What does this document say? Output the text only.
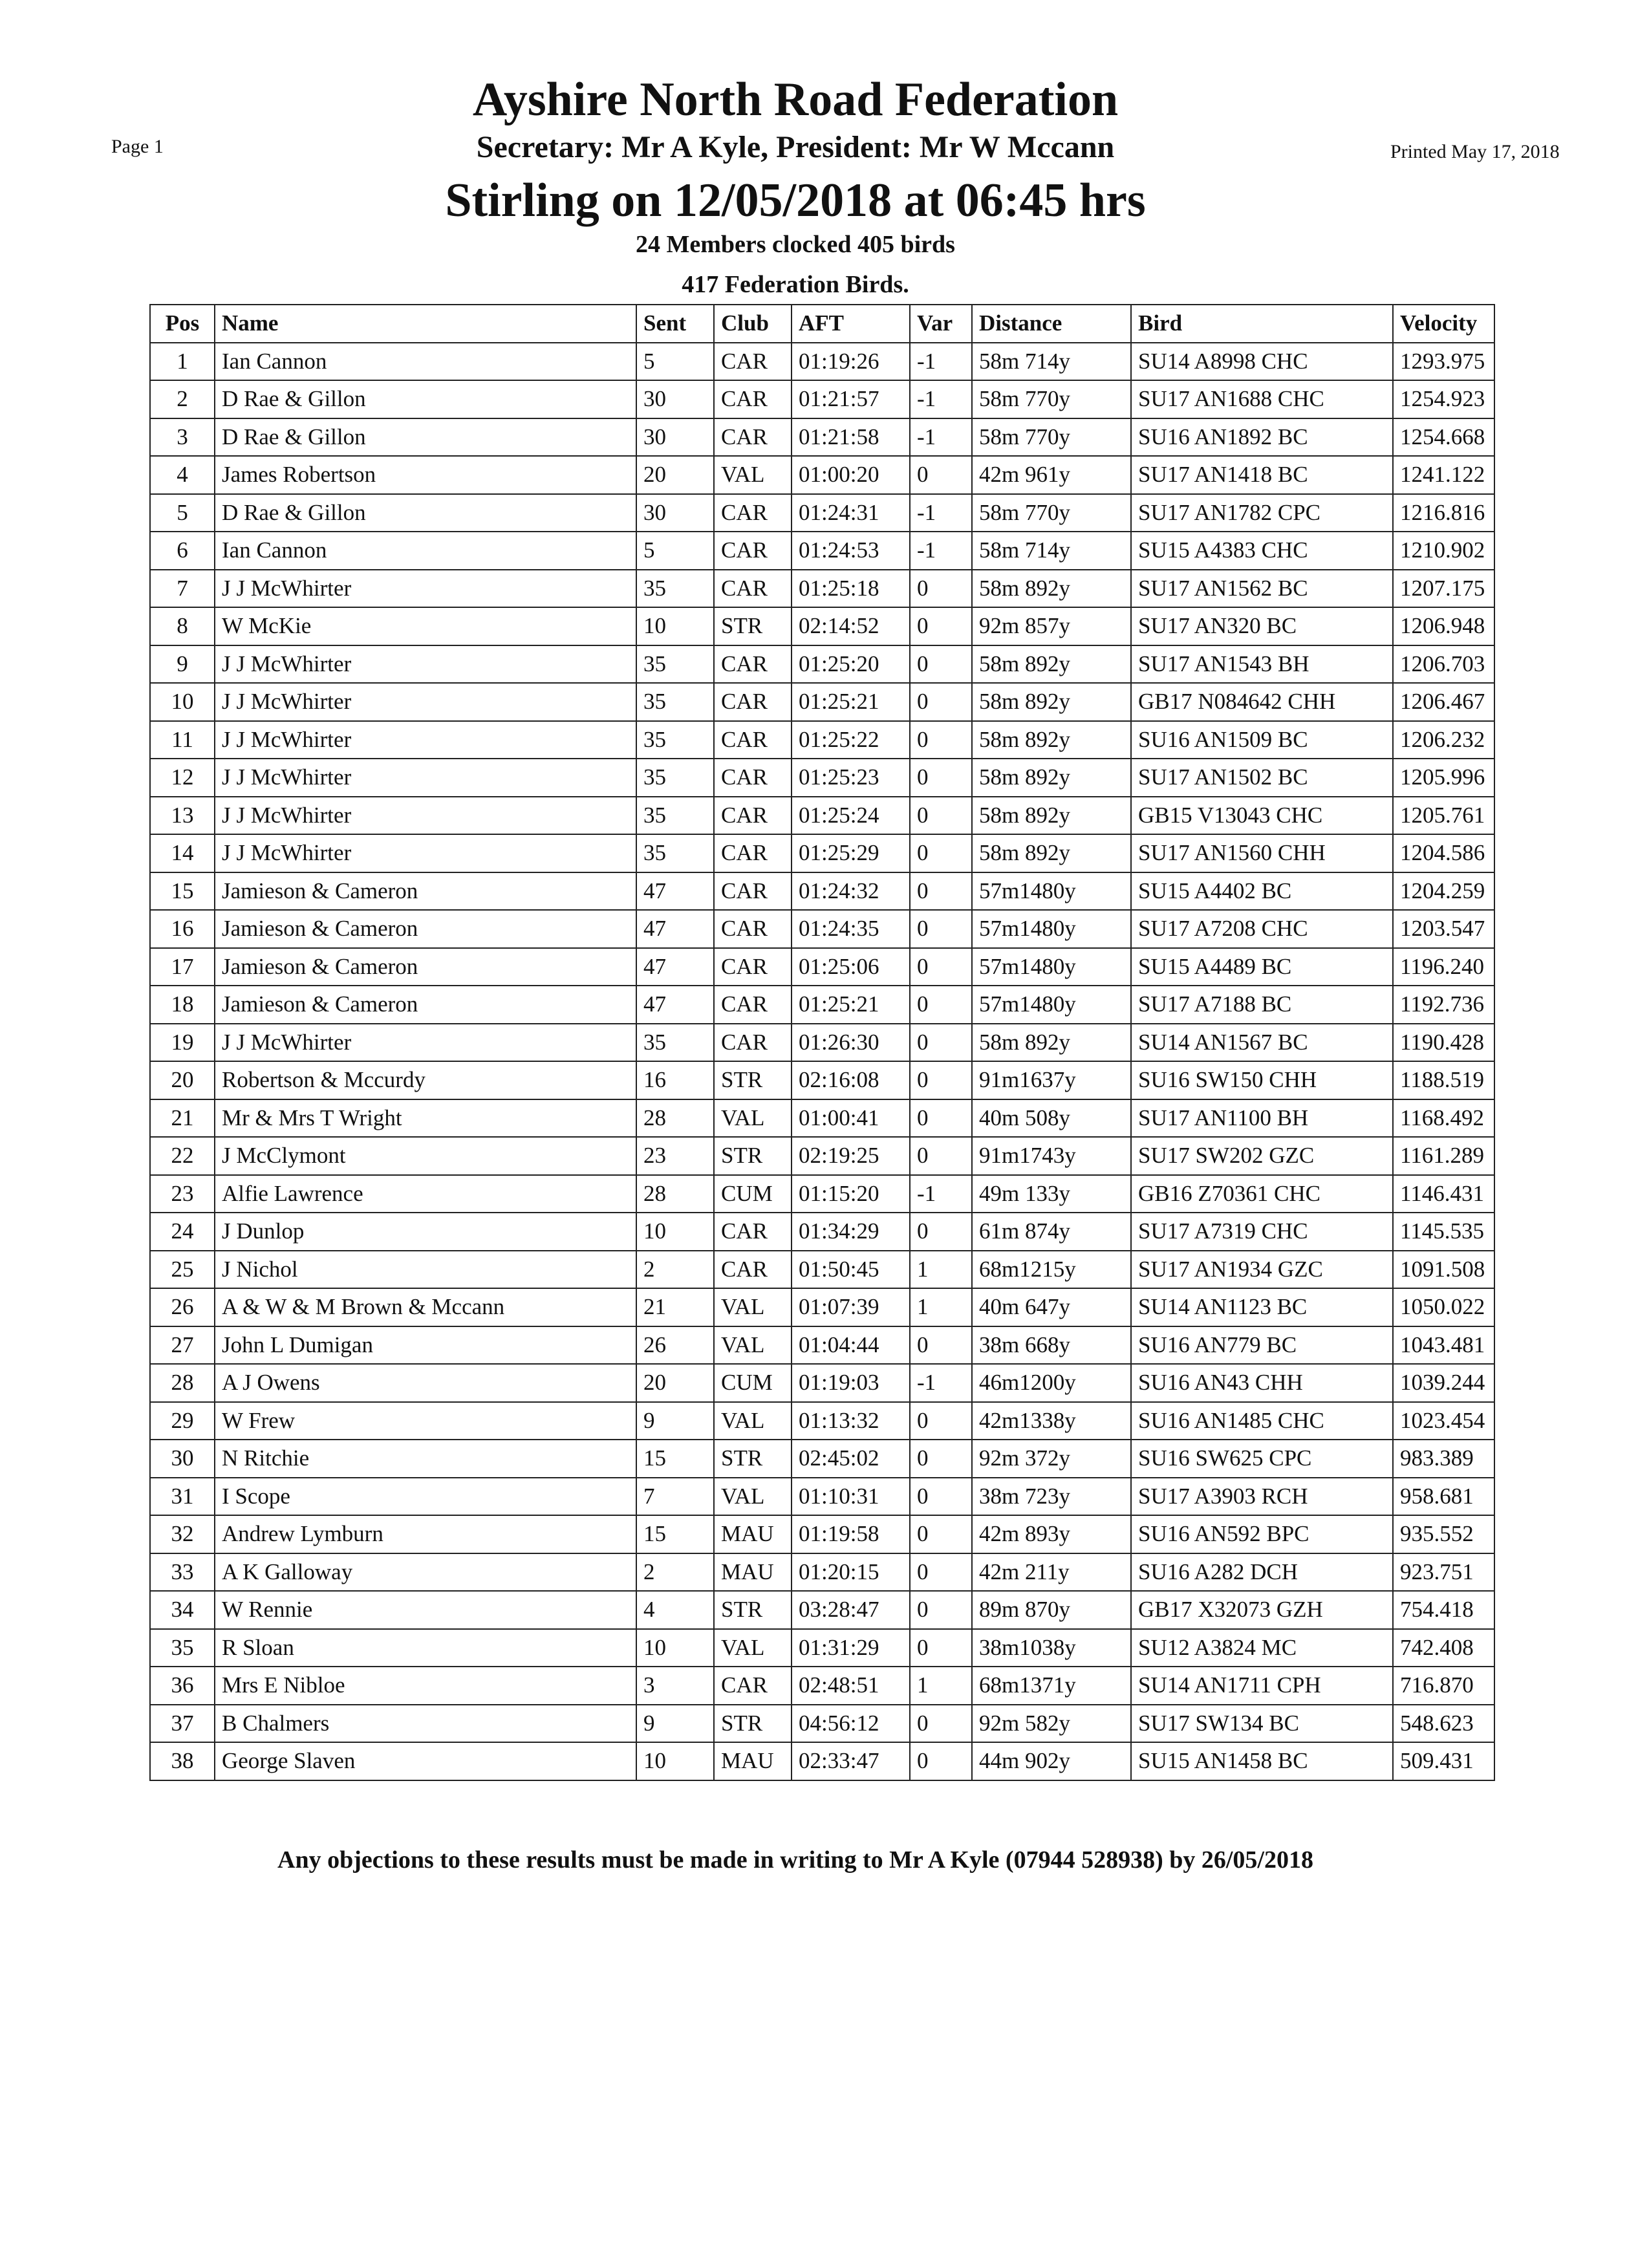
Page 1	Printed May 17, 2018
Ayshire North Road Federation
Secretary: Mr A Kyle, President: Mr W Mccann
Stirling on 12/05/2018 at 06:45 hrs
24 Members clocked 405 birds
417 Federation Birds.
Pos	Name	Sent	Club	AFT	Var	Distance	Bird	Velocity
1	Ian Cannon	5	CAR	01:19:26	-1	58m 714y	SU14 A8998 CHC	1293.975
2	D Rae & Gillon	30	CAR	01:21:57	-1	58m 770y	SU17 AN1688 CHC	1254.923
3	D Rae & Gillon	30	CAR	01:21:58	-1	58m 770y	SU16 AN1892 BC	1254.668
4	James Robertson	20	VAL	01:00:20	0	42m 961y	SU17 AN1418 BC	1241.122
5	D Rae & Gillon	30	CAR	01:24:31	-1	58m 770y	SU17 AN1782 CPC	1216.816
6	Ian Cannon	5	CAR	01:24:53	-1	58m 714y	SU15 A4383 CHC	1210.902
7	J J McWhirter	35	CAR	01:25:18	0	58m 892y	SU17 AN1562 BC	1207.175
8	W McKie	10	STR	02:14:52	0	92m 857y	SU17 AN320 BC	1206.948
9	J J McWhirter	35	CAR	01:25:20	0	58m 892y	SU17 AN1543 BH	1206.703
10	J J McWhirter	35	CAR	01:25:21	0	58m 892y	GB17 N084642 CHH	1206.467
11	J J McWhirter	35	CAR	01:25:22	0	58m 892y	SU16 AN1509 BC	1206.232
12	J J McWhirter	35	CAR	01:25:23	0	58m 892y	SU17 AN1502 BC	1205.996
13	J J McWhirter	35	CAR	01:25:24	0	58m 892y	GB15 V13043 CHC	1205.761
14	J J McWhirter	35	CAR	01:25:29	0	58m 892y	SU17 AN1560 CHH	1204.586
15	Jamieson & Cameron	47	CAR	01:24:32	0	57m1480y	SU15 A4402 BC	1204.259
16	Jamieson & Cameron	47	CAR	01:24:35	0	57m1480y	SU17 A7208 CHC	1203.547
17	Jamieson & Cameron	47	CAR	01:25:06	0	57m1480y	SU15 A4489 BC	1196.240
18	Jamieson & Cameron	47	CAR	01:25:21	0	57m1480y	SU17 A7188 BC	1192.736
19	J J McWhirter	35	CAR	01:26:30	0	58m 892y	SU14 AN1567 BC	1190.428
20	Robertson & Mccurdy	16	STR	02:16:08	0	91m1637y	SU16 SW150 CHH	1188.519
21	Mr & Mrs T Wright	28	VAL	01:00:41	0	40m 508y	SU17 AN1100 BH	1168.492
22	J McClymont	23	STR	02:19:25	0	91m1743y	SU17 SW202 GZC	1161.289
23	Alfie Lawrence	28	CUM	01:15:20	-1	49m 133y	GB16 Z70361 CHC	1146.431
24	J Dunlop	10	CAR	01:34:29	0	61m 874y	SU17 A7319 CHC	1145.535
25	J Nichol	2	CAR	01:50:45	1	68m1215y	SU17 AN1934 GZC	1091.508
26	A & W & M Brown & Mccann	21	VAL	01:07:39	1	40m 647y	SU14 AN1123 BC	1050.022
27	John L Dumigan	26	VAL	01:04:44	0	38m 668y	SU16 AN779 BC	1043.481
28	A J Owens	20	CUM	01:19:03	-1	46m1200y	SU16 AN43 CHH	1039.244
29	W Frew	9	VAL	01:13:32	0	42m1338y	SU16 AN1485 CHC	1023.454
30	N Ritchie	15	STR	02:45:02	0	92m 372y	SU16 SW625 CPC	983.389
31	I Scope	7	VAL	01:10:31	0	38m 723y	SU17 A3903 RCH	958.681
32	Andrew Lymburn	15	MAU	01:19:58	0	42m 893y	SU16 AN592 BPC	935.552
33	A K Galloway	2	MAU	01:20:15	0	42m 211y	SU16 A282 DCH	923.751
34	W Rennie	4	STR	03:28:47	0	89m 870y	GB17 X32073 GZH	754.418
35	R Sloan	10	VAL	01:31:29	0	38m1038y	SU12 A3824 MC	742.408
36	Mrs E Nibloe	3	CAR	02:48:51	1	68m1371y	SU14 AN1711 CPH	716.870
37	B Chalmers	9	STR	04:56:12	0	92m 582y	SU17 SW134 BC	548.623
38	George Slaven	10	MAU	02:33:47	0	44m 902y	SU15 AN1458 BC	509.431
Any objections to these results must be made in writing to Mr A Kyle (07944 528938) by 26/05/2018
